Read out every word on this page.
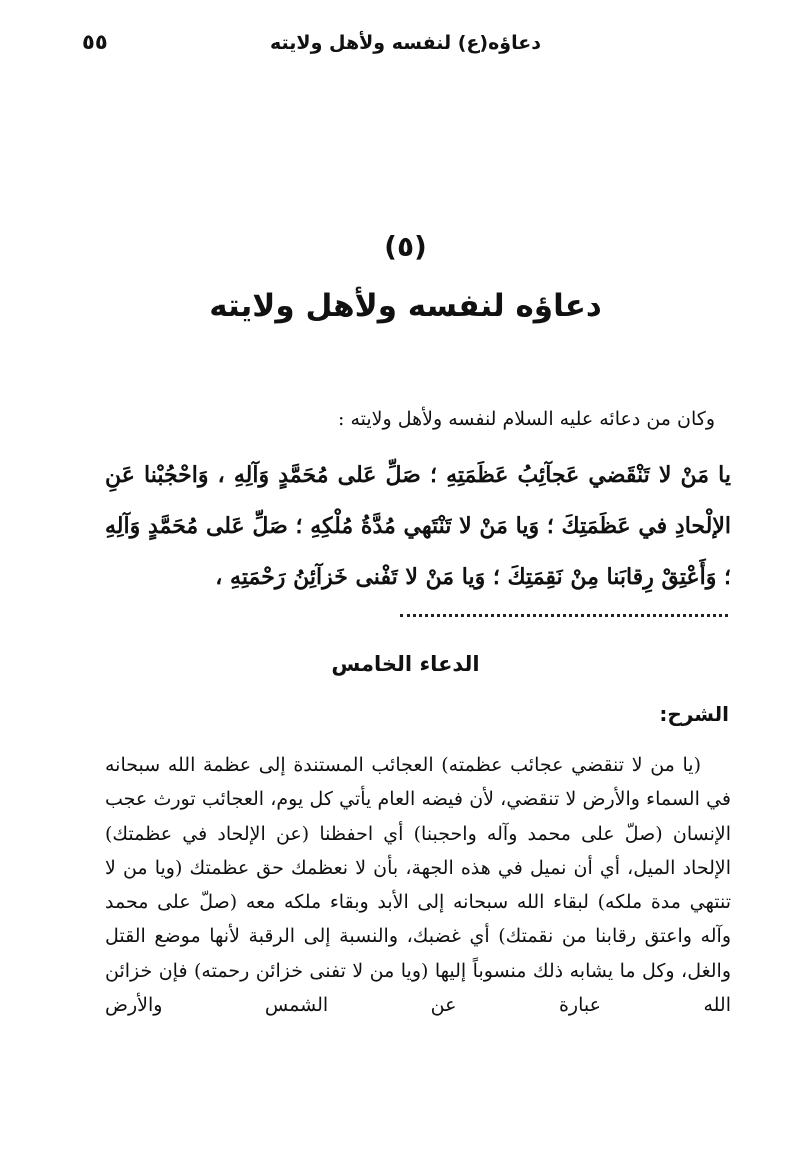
دعاؤه(ع) لنفسه ولأهل ولايته
٥٥
(٥)
دعاؤه لنفسه ولأهل ولايته
وكان من دعائه عليه السلام لنفسه ولأهل ولايته :
يا مَنْ لا تَنْقَضي عَجآئِبُ عَظَمَتِهِ ؛ صَلِّ عَلى مُحَمَّدٍ وَآلِهِ ، وَاحْجُبْنا عَنِ الإلْحادِ في عَظَمَتِكَ ؛ وَيا مَنْ لا تَنْتَهي مُدَّةُ مُلْكِهِ ؛ صَلِّ عَلى مُحَمَّدٍ وَآلِهِ ؛ وَأَعْتِقْ رِقابَنا مِنْ نَقِمَتِكَ ؛ وَيا مَنْ لا تَفْنى خَزآئِنُ رَحْمَتِهِ ،
الدعاء الخامس
الشرح:
(يا من لا تنقضي عجائب عظمته) العجائب المستندة إلى عظمة الله سبحانه في السماء والأرض لا تنقضي، لأن فيضه العام يأتي كل يوم، العجائب تورث عجب الإنسان (صلّ على محمد وآله واحجبنا) أي احفظنا (عن الإلحاد في عظمتك) الإلحاد الميل، أي أن نميل في هذه الجهة، بأن لا نعظمك حق عظمتك (ويا من لا تنتهي مدة ملكه) لبقاء الله سبحانه إلى الأبد وبقاء ملكه معه (صلّ على محمد وآله واعتق رقابنا من نقمتك) أي غضبك، والنسبة إلى الرقبة لأنها موضع القتل والغل، وكل ما يشابه ذلك منسوباً إليها (ويا من لا تفنى خزائن رحمته) فإن خزائن الله عبارة عن الشمس والأرض
